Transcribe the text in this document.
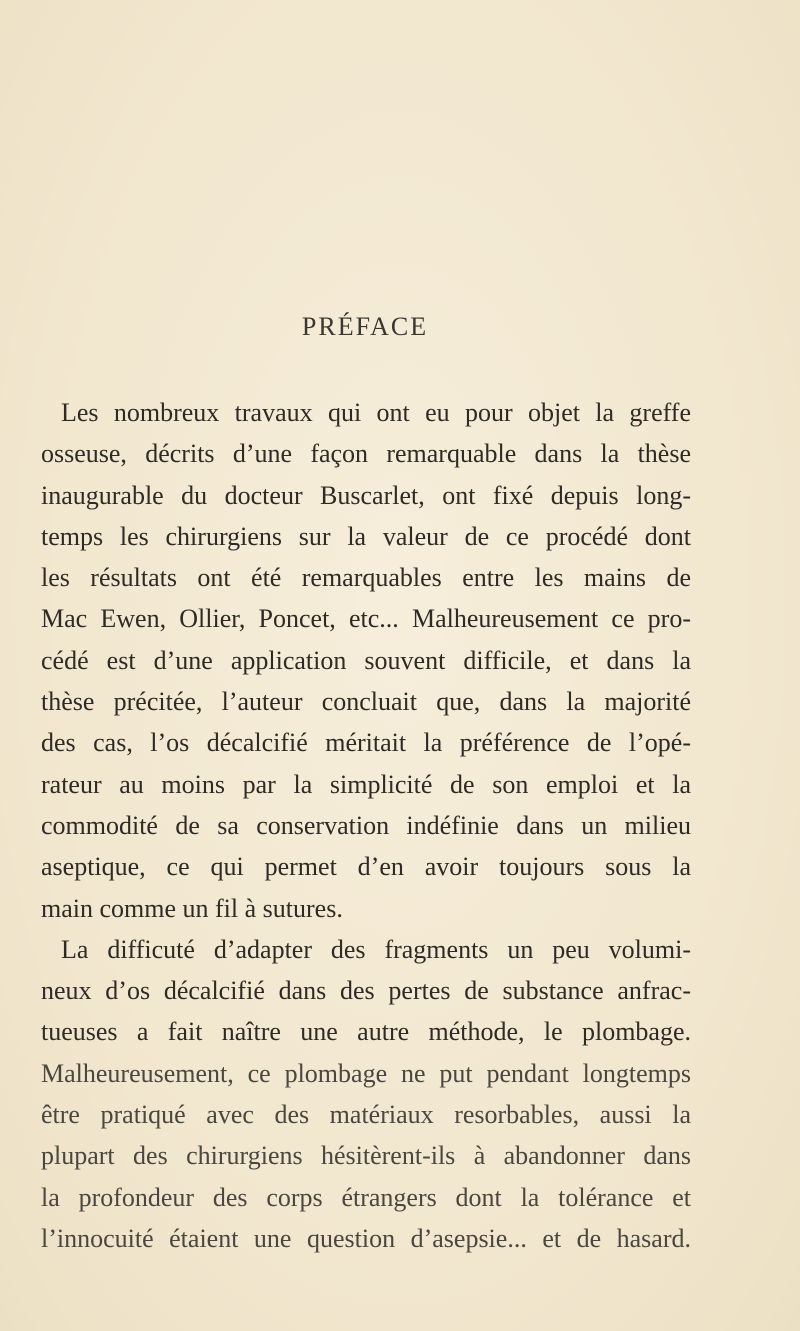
PRÉFACE
Les nombreux travaux qui ont eu pour objet la greffe
osseuse, décrits d’une façon remarquable dans la thèse
inaugurable du docteur Buscarlet, ont fixé depuis long-
temps les chirurgiens sur la valeur de ce procédé dont
les résultats ont été remarquables entre les mains de
Mac Ewen, Ollier, Poncet, etc... Malheureusement ce pro-
cédé est d’une application souvent difficile, et dans la
thèse précitée, l’auteur concluait que, dans la majorité
des cas, l’os décalcifié méritait la préférence de l’opé-
rateur au moins par la simplicité de son emploi et la
commodité de sa conservation indéfinie dans un milieu
aseptique, ce qui permet d’en avoir toujours sous la
main comme un fil à sutures.
La difficuté d’adapter des fragments un peu volumi-
neux d’os décalcifié dans des pertes de substance anfrac-
tueuses a fait naître une autre méthode, le plombage.
Malheureusement, ce plombage ne put pendant longtemps
être pratiqué avec des matériaux resorbables, aussi la
plupart des chirurgiens hésitèrent-ils à abandonner dans
la profondeur des corps étrangers dont la tolérance et
l’innocuité étaient une question d’asepsie... et de hasard.
